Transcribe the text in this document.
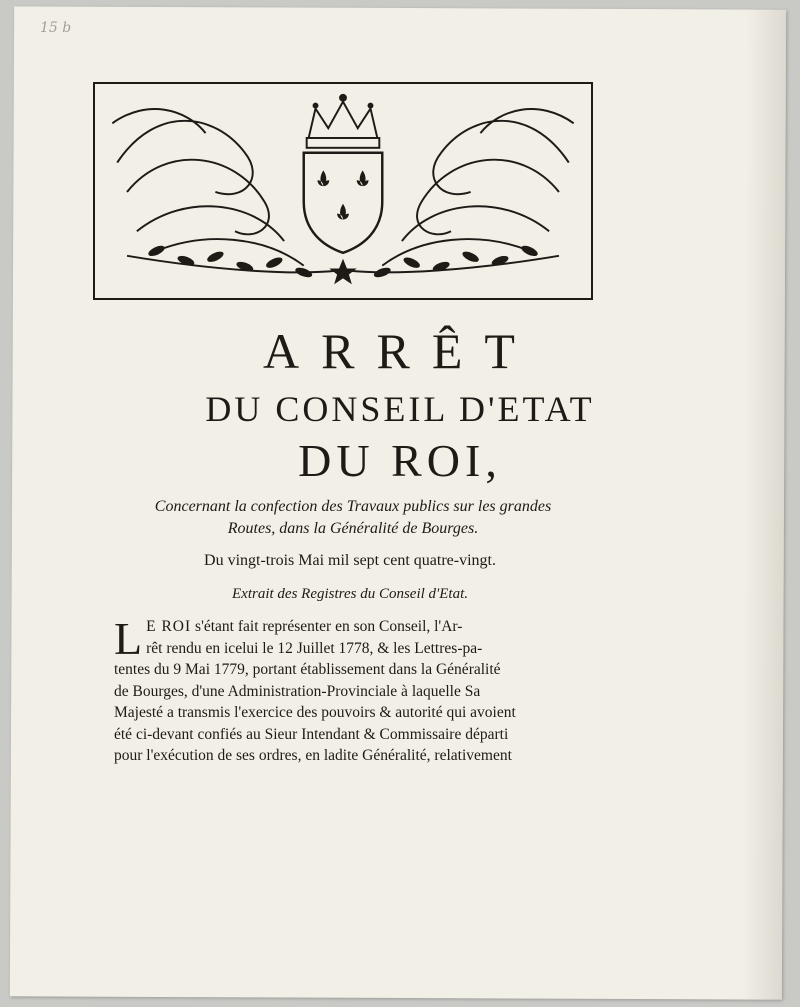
15 b
ARRÊT
DU CONSEIL D'ETAT
DU ROI,
Concernant la confection des Travaux publics sur les grandes
Routes, dans la Généralité de Bourges.
Du vingt-trois Mai mil sept cent quatre-vingt.
Extrait des Registres du Conseil d'Etat.
L E ROI s'étant fait représenter en son Conseil, l'Ar-
rêt rendu en icelui le 12 Juillet 1778, & les Lettres-pa-
tentes du 9 Mai 1779, portant établissement dans la Généralité
de Bourges, d'une Administration-Provinciale à laquelle Sa
Majesté a transmis l'exercice des pouvoirs & autorité qui avoient
été ci-devant confiés au Sieur Intendant & Commissaire départi
pour l'exécution de ses ordres, en ladite Généralité, relativement
